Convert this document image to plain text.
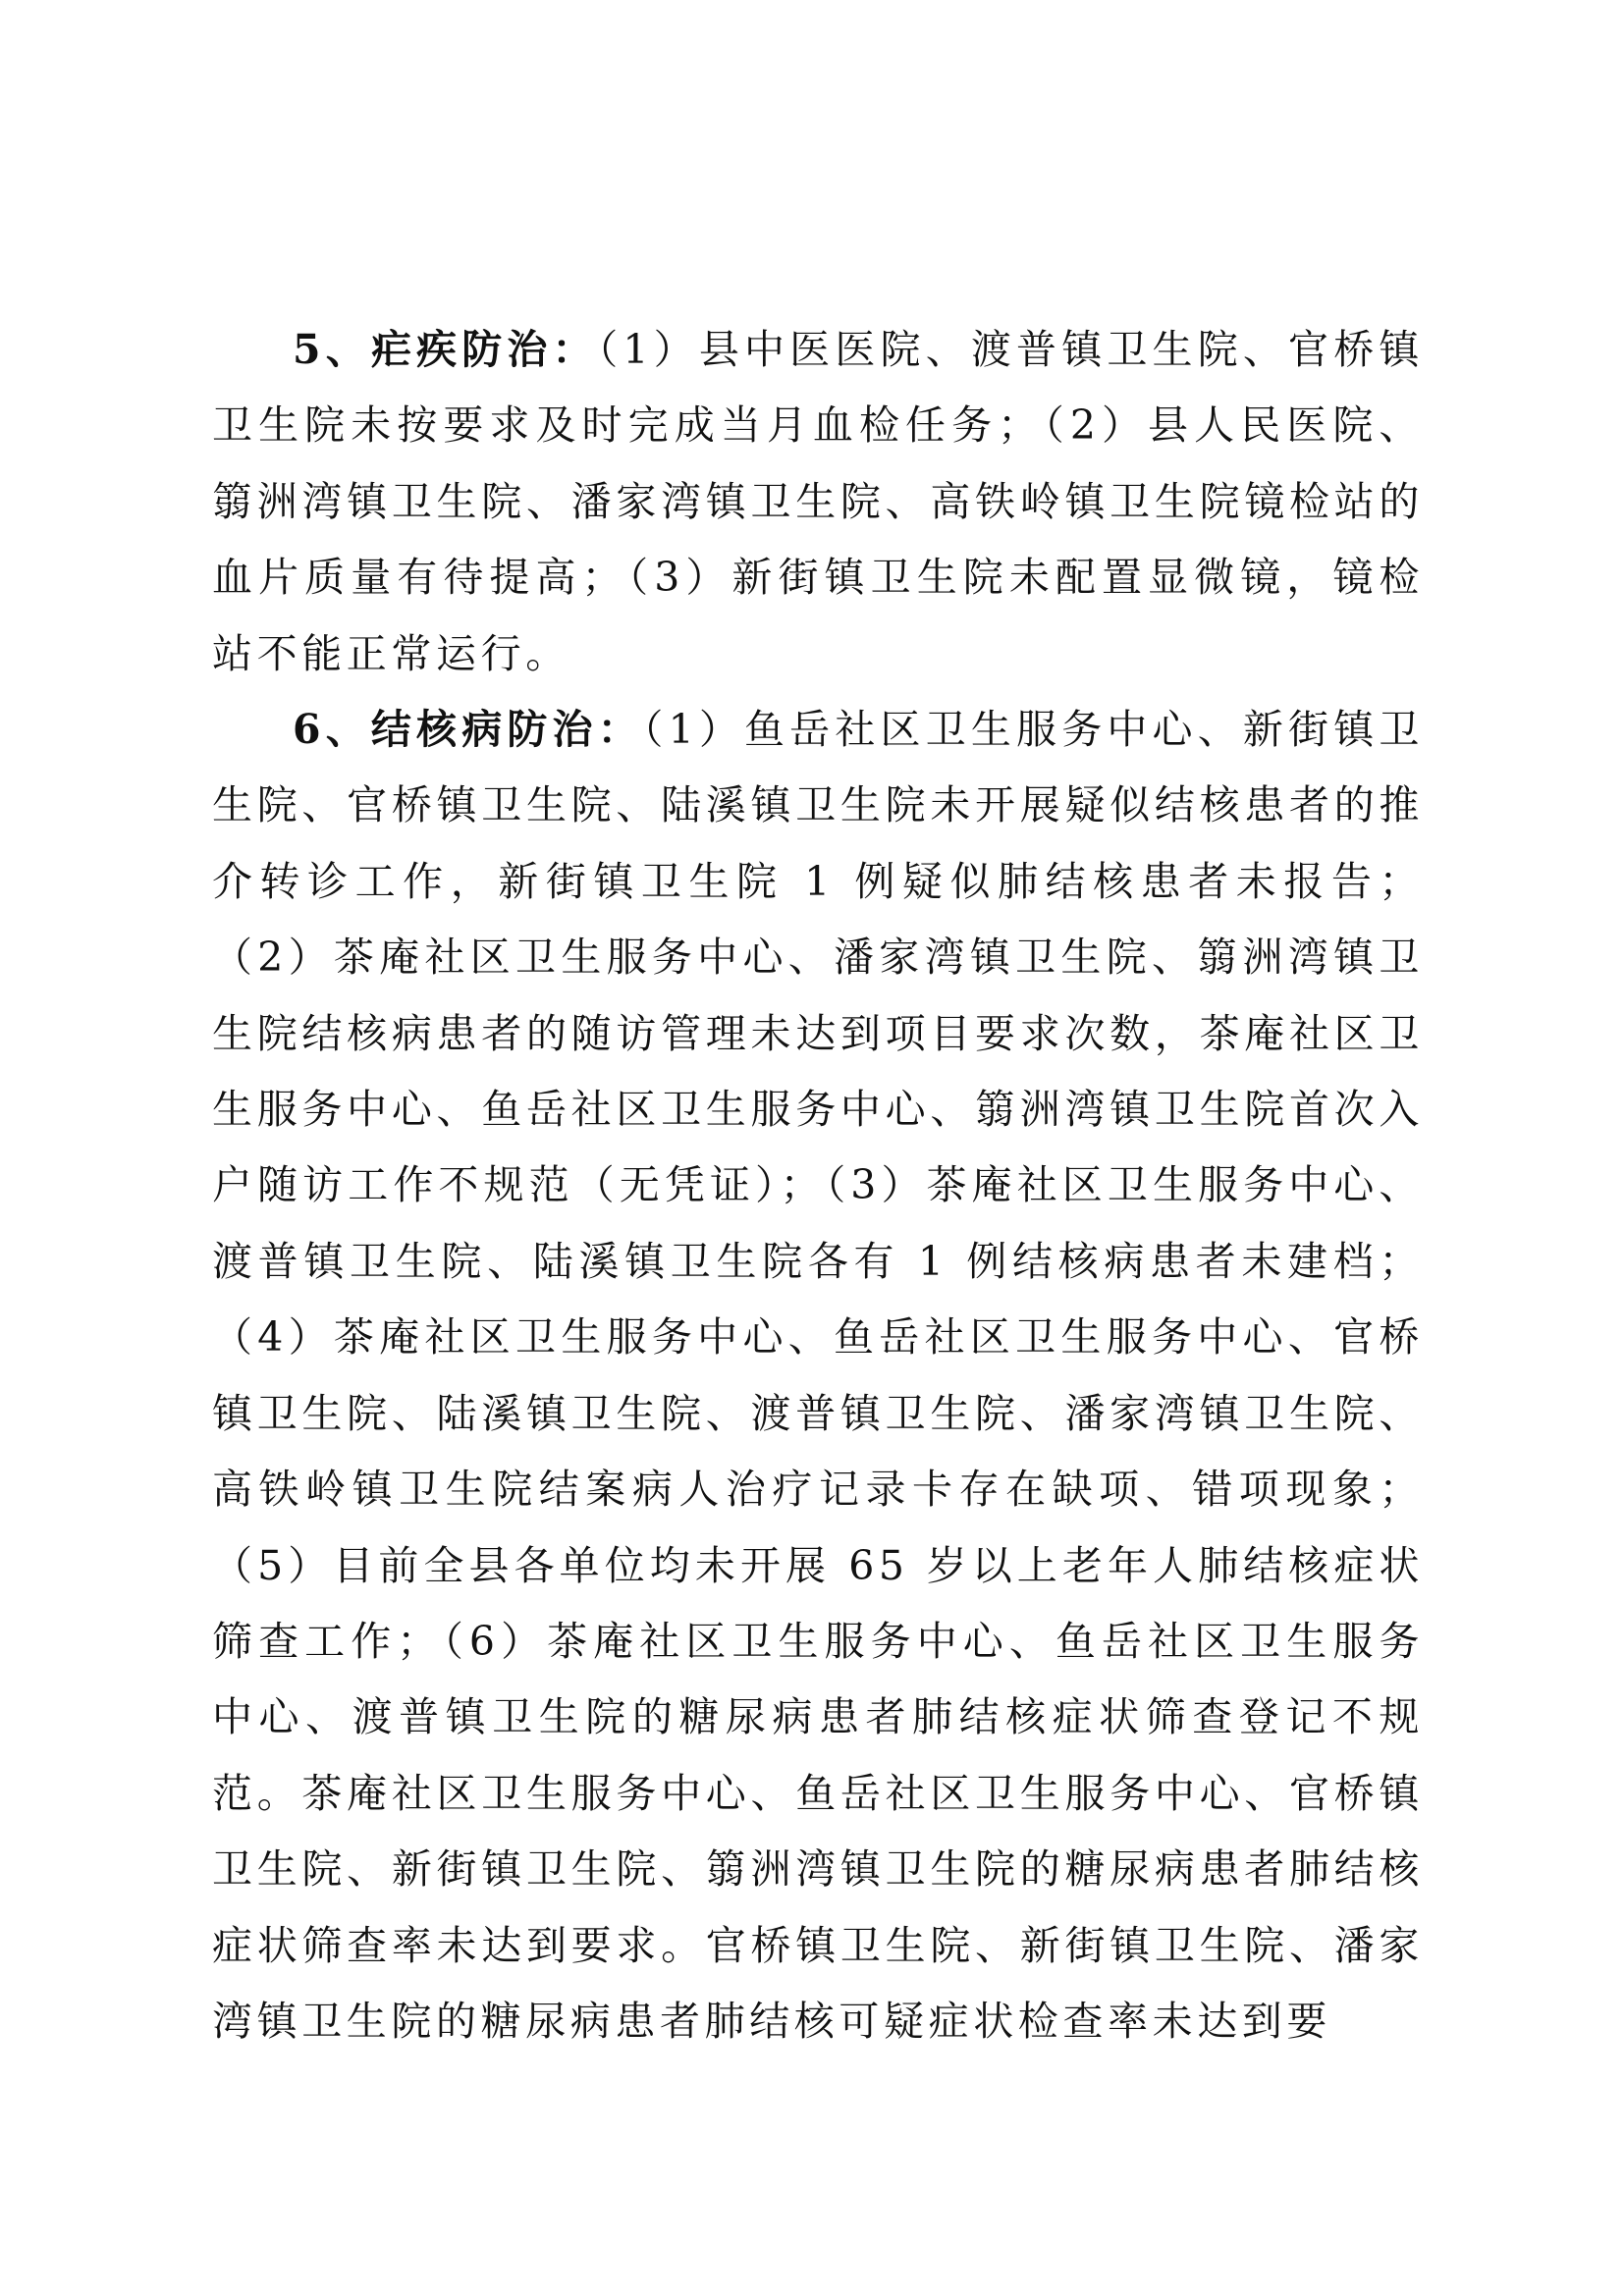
5、疟疾防治：（1）县中医医院、渡普镇卫生院、官桥镇卫生院未按要求及时完成当月血检任务；（2）县人民医院、篛洲湾镇卫生院、潘家湾镇卫生院、高铁岭镇卫生院镜检站的血片质量有待提高；（3）新街镇卫生院未配置显微镜，镜检站不能正常运行。

6、结核病防治：（1）鱼岳社区卫生服务中心、新街镇卫生院、官桥镇卫生院、陆溪镇卫生院未开展疑似结核患者的推介转诊工作，新街镇卫生院 1 例疑似肺结核患者未报告；（2）茶庵社区卫生服务中心、潘家湾镇卫生院、篛洲湾镇卫生院结核病患者的随访管理未达到项目要求次数，茶庵社区卫生服务中心、鱼岳社区卫生服务中心、篛洲湾镇卫生院首次入户随访工作不规范（无凭证）；（3）茶庵社区卫生服务中心、渡普镇卫生院、陆溪镇卫生院各有 1 例结核病患者未建档；（4）茶庵社区卫生服务中心、鱼岳社区卫生服务中心、官桥镇卫生院、陆溪镇卫生院、渡普镇卫生院、潘家湾镇卫生院、高铁岭镇卫生院结案病人治疗记录卡存在缺项、错项现象；（5）目前全县各单位均未开展 65 岁以上老年人肺结核症状筛查工作；（6）茶庵社区卫生服务中心、鱼岳社区卫生服务中心、渡普镇卫生院的糖尿病患者肺结核症状筛查登记不规范。茶庵社区卫生服务中心、鱼岳社区卫生服务中心、官桥镇卫生院、新街镇卫生院、篛洲湾镇卫生院的糖尿病患者肺结核症状筛查率未达到要求。官桥镇卫生院、新街镇卫生院、潘家湾镇卫生院的糖尿病患者肺结核可疑症状检查率未达到要
